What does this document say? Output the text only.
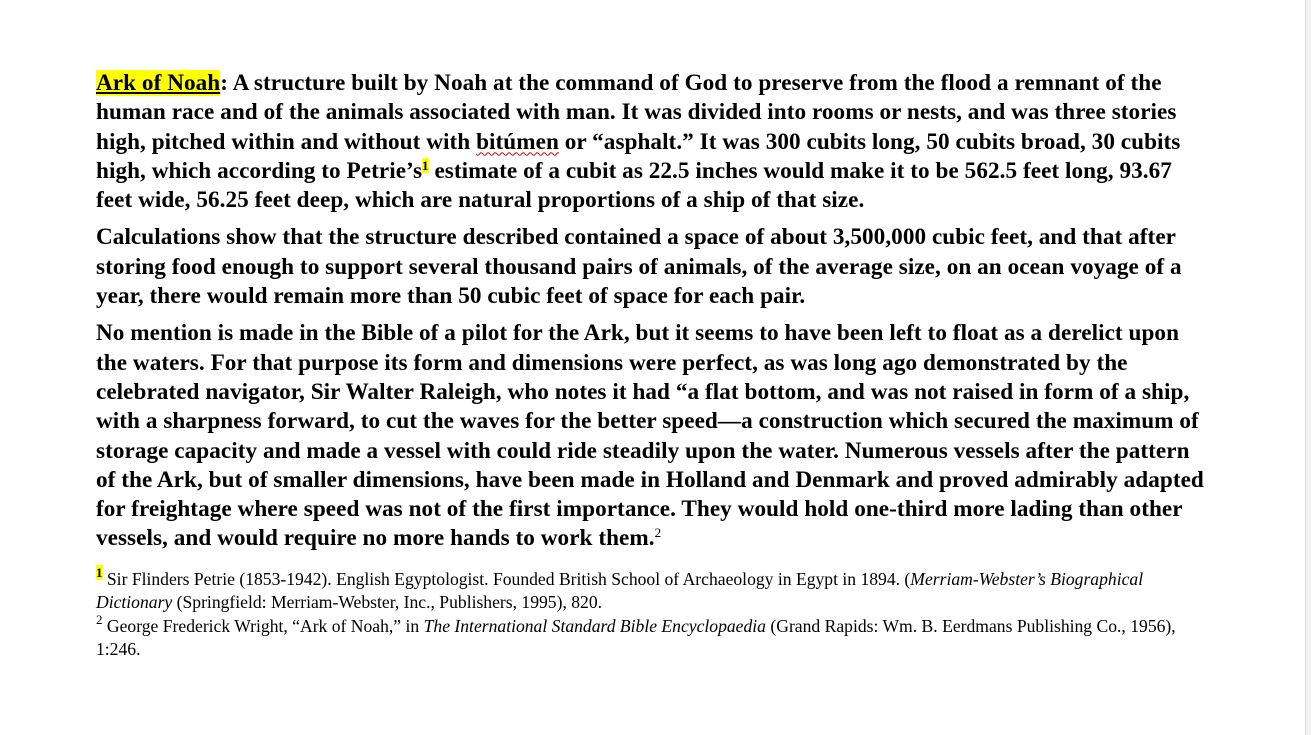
Ark of Noah: A structure built by Noah at the command of God to preserve from the flood a remnant of the human race and of the animals associated with man. It was divided into rooms or nests, and was three stories high, pitched within and without with bitúmen or “asphalt.” It was 300 cubits long, 50 cubits broad, 30 cubits high, which according to Petrie’s$^1$ estimate of a cubit as 22.5 inches would make it to be 562.5 feet long, 93.67 feet wide, 56.25 feet deep, which are natural proportions of a ship of that size.

Calculations show that the structure described contained a space of about 3,500,000 cubic feet, and that after storing food enough to support several thousand pairs of animals, of the average size, on an ocean voyage of a year, there would remain more than 50 cubic feet of space for each pair.

No mention is made in the Bible of a pilot for the Ark, but it seems to have been left to float as a derelict upon the waters. For that purpose its form and dimensions were perfect, as was long ago demonstrated by the celebrated navigator, Sir Walter Raleigh, who notes it had “a flat bottom, and was not raised in form of a ship, with a sharpness forward, to cut the waves for the better speed—a construction which secured the maximum of storage capacity and made a vessel with could ride steadily upon the water. Numerous vessels after the pattern of the Ark, but of smaller dimensions, have been made in Holland and Denmark and proved admirably adapted for freightage where speed was not of the first importance. They would hold one-third more lading than other vessels, and would require no more hands to work them.$^2$

$^1$ Sir Flinders Petrie (1853-1942). English Egyptologist. Founded British School of Archaeology in Egypt in 1894. (Merriam-Webster’s Biographical Dictionary (Springfield: Merriam-Webster, Inc., Publishers, 1995), 820.

$^2$ George Frederick Wright, “Ark of Noah,” in The International Standard Bible Encyclopaedia (Grand Rapids: Wm. B. Eerdmans Publishing Co., 1956), 1:246.
